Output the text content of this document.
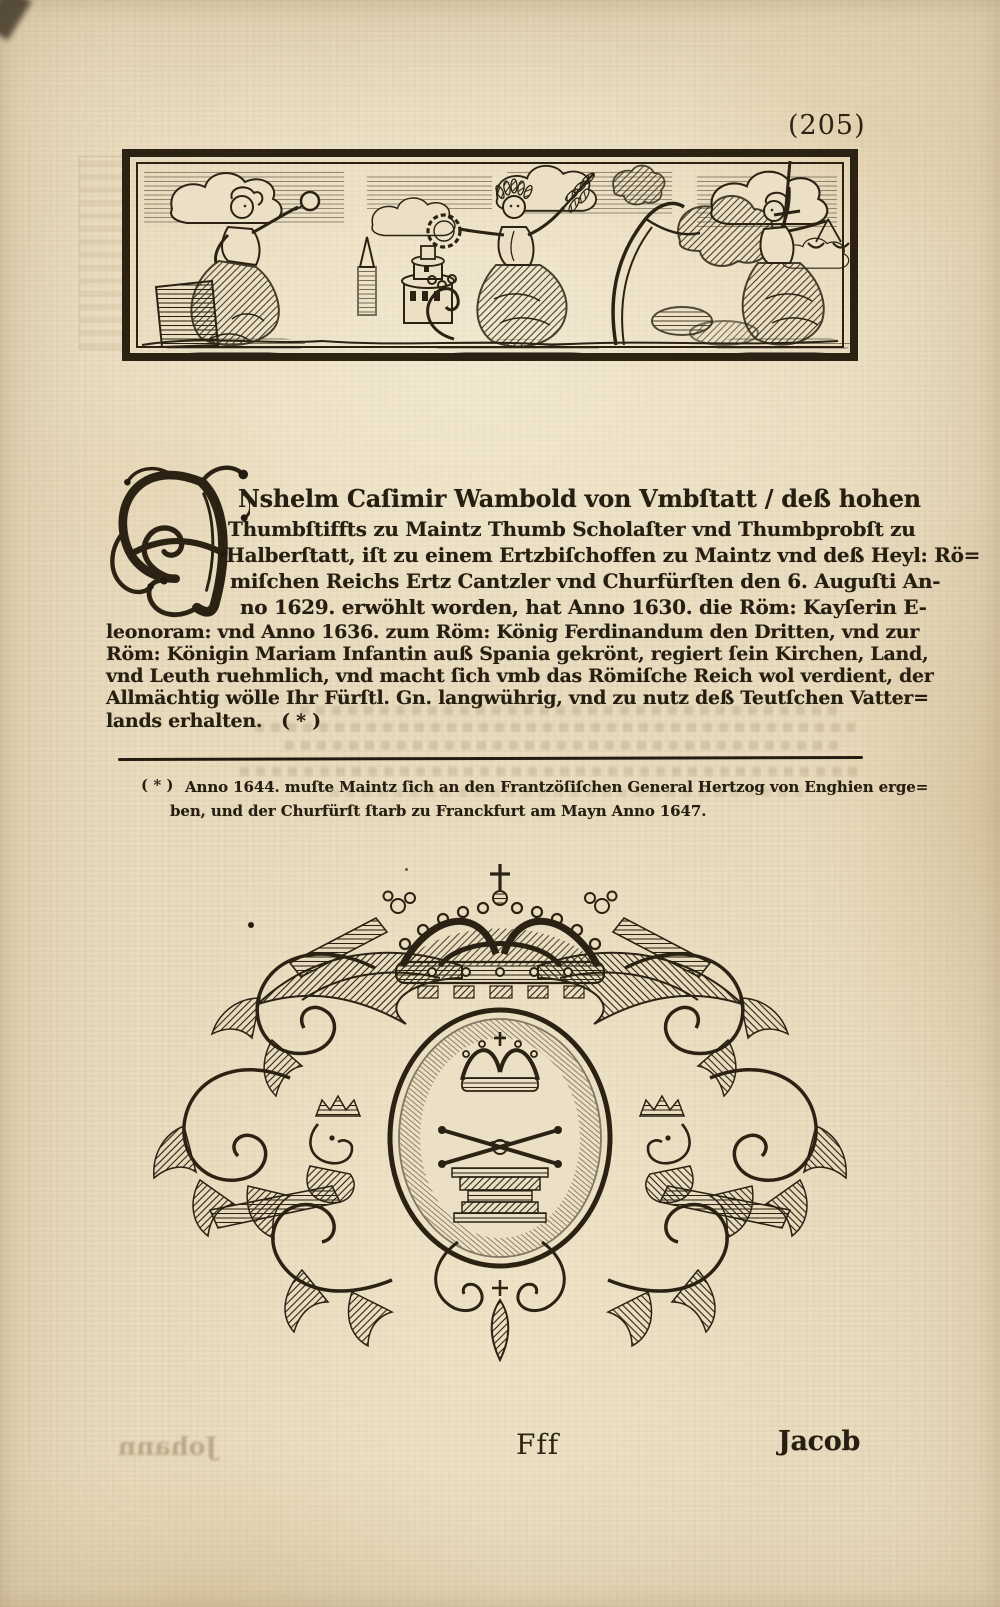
(205)
Nshelm Caſimir Wambold von Vmbſtatt / deß hohen
Thumbſtiffts zu Maintz Thumb Scholaſter vnd Thumbprobſt zu
Halberſtatt, iſt zu einem Ertzbiſchoffen zu Maintz vnd deß Heyl: Rö=
miſchen Reichs Ertz Cantzler vnd Churfürſten den 6. Auguſti An-
no 1629. erwöhlt worden, hat Anno 1630. die Röm: Kayſerin E-
leonoram: vnd Anno 1636. zum Röm: König Ferdinandum den Dritten, vnd zur
Röm: Königin Mariam Infantin auß Spania gekrönt, regiert ſein Kirchen, Land,
vnd Leuth ruehmlich, vnd macht ſich vmb das Römiſche Reich wol verdient, der
Allmächtig wölle Ihr Fürſtl. Gn. langwührig, vnd zu nutz deß Teutſchen Vatter=
lands erhalten.   ( * )
( * ) Anno 1644. muſte Maintz ſich an den Frantzöſiſchen General Hertzog von Enghien erge=
ben, und der Churfürſt ſtarb zu Franckfurt am Mayn Anno 1647.
Fff	Jacob
Johann
